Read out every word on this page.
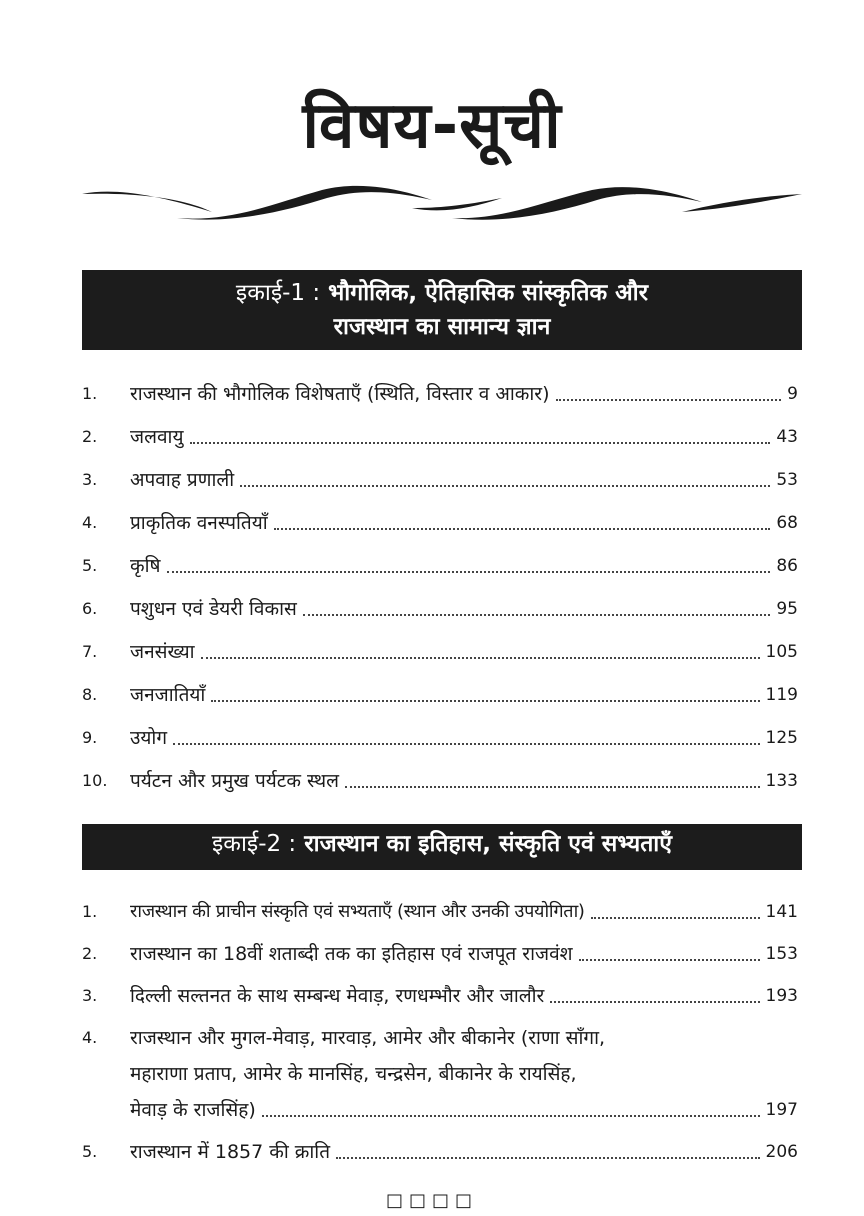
विषय-सूची
इकाई-1 : भौगोलिक, ऐतिहासिक सांस्कृतिक और
राजस्थान का सामान्य ज्ञान
1.	राजस्थान की भौगोलिक विशेषताएँ (स्थिति, विस्तार व आकार)	9
2.	जलवायु	43
3.	अपवाह प्रणाली	53
4.	प्राकृतिक वनस्पतियाँ	68
5.	कृषि	86
6.	पशुधन एवं डेयरी विकास	95
7.	जनसंख्या	105
8.	जनजातियाँ	119
9.	उयोग	125
10.	पर्यटन और प्रमुख पर्यटक स्थल	133
इकाई-2 : राजस्थान का इतिहास, संस्कृति एवं सभ्यताएँ
1.	राजस्थान की प्राचीन संस्कृति एवं सभ्यताएँ (स्थान और उनकी उपयोगिता)	141
2.	राजस्थान का 18वीं शताब्दी तक का इतिहास एवं राजपूत राजवंश	153
3.	दिल्ली सल्तनत के साथ सम्बन्ध मेवाड़, रणधम्भौर और जालौर	193
4.	राजस्थान और मुगल-मेवाड़, मारवाड़, आमेर और बीकानेर (राणा साँगा,
महाराणा प्रताप, आमेर के मानसिंह, चन्द्रसेन, बीकानेर के रायसिंह,
मेवाड़ के राजसिंह)	197
5.	राजस्थान में 1857 की क्राति	206
□□□□
